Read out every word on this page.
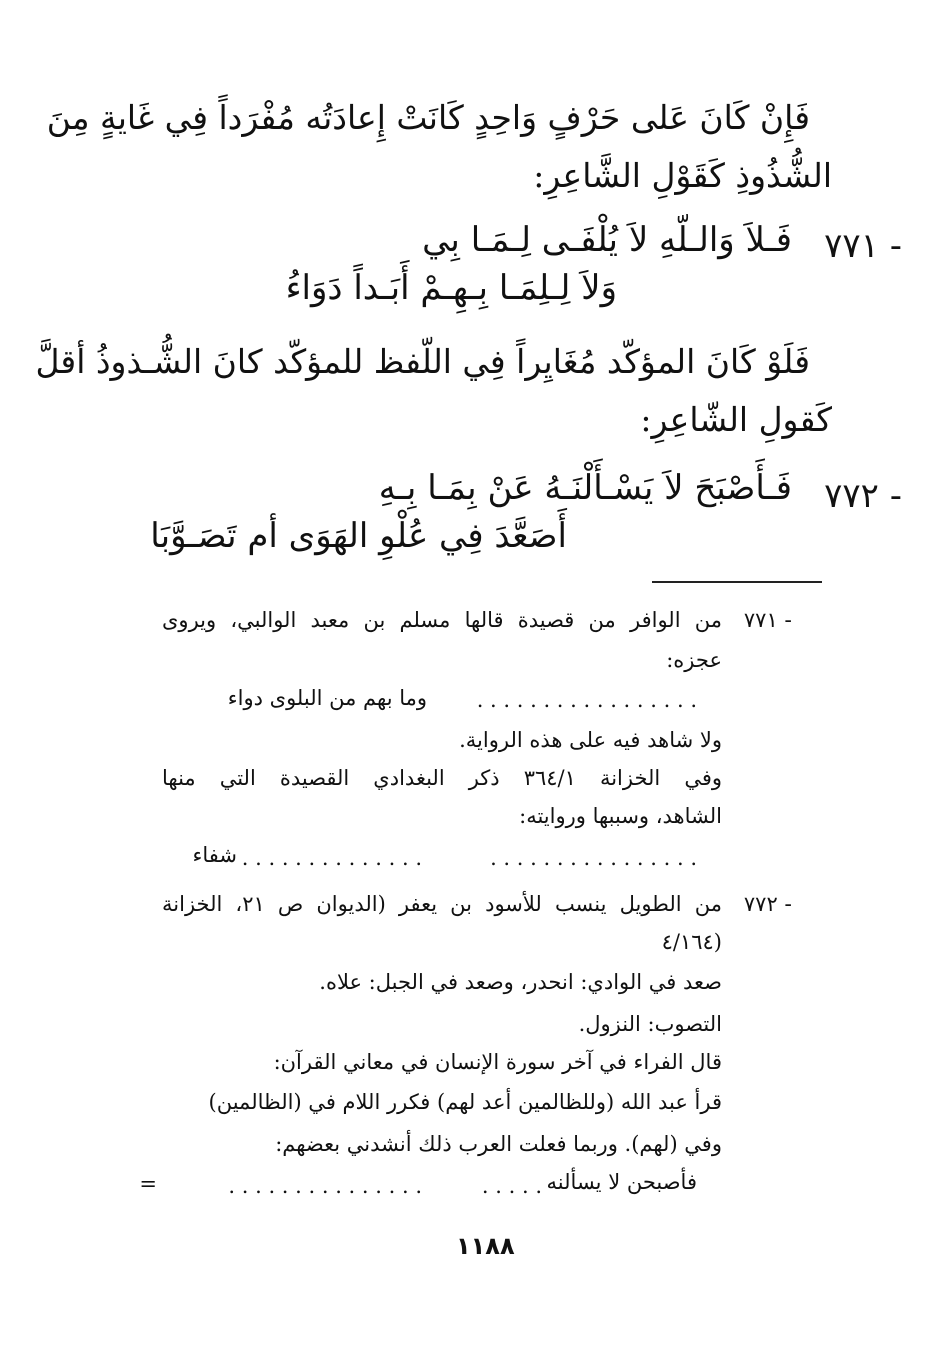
فَإِنْ كَانَ عَلى حَرْفٍ وَاحِدٍ كَانَتْ إِعادَتُه مُفْرَداً فِي غَايةٍ مِنَ
الشُّذُوذِ كَقَوْلِ الشَّاعِرِ:
٧٧١ -
فَـلاَ وَالـلّهِ لاَ يُلْفَـى لِـمَـا بِي
وَلاَ لِـلِمَـا بِـهِـمْ أَبَـداً دَوَاءُ
فَلَوْ كَانَ المؤكّد مُغَايِراً فِي اللّفظ للمؤكّد كانَ الشُّـذوذُ أقلَّ
كَقولِ الشّاعِرِ:
٧٧٢ -
فَـأَصْبَحَ لاَ يَسْـأَلْنَـهُ عَنْ بِمَـا بِـهِ
أَصَعَّدَ فِي عُلْوِ الهَوَى أم تَصَـوَّبَا
٧٧١ -
من الوافر من قصيدة قالها مسلم بن معبد الوالبي، ويروى
عجزه:
. . . . . . . . . . . . . . . . .
وما بهم من البلوى دواء
ولا شاهد فيه على هذه الرواية.
وفي الخزانة ٣٦٤/١ ذكر البغدادي القصيدة التي منها
الشاهد، وسببها وروايته:
. . . . . . . . . . . . . . . .
. . . . . . . . . . . . . .
شفاء
٧٧٢ -
من الطويل ينسب للأسود بن يعفر (الديوان ص ٢١، الخزانة
٤/١٦٤)
صعد في الوادي: انحدر، وصعد في الجبل: علاه.
التصوب: النزول.
قال الفراء في آخر سورة الإنسان في معاني القرآن:
قرأ عبد الله (وللظالمين أعد لهم) فكرر اللام في (الظالمين)
وفي (لهم). وربما فعلت العرب ذلك أنشدني بعضهم:
فأصبحن لا يسألنه
. . . . .
. . . . . . . . . . . . . . .
=
١١٨٨
